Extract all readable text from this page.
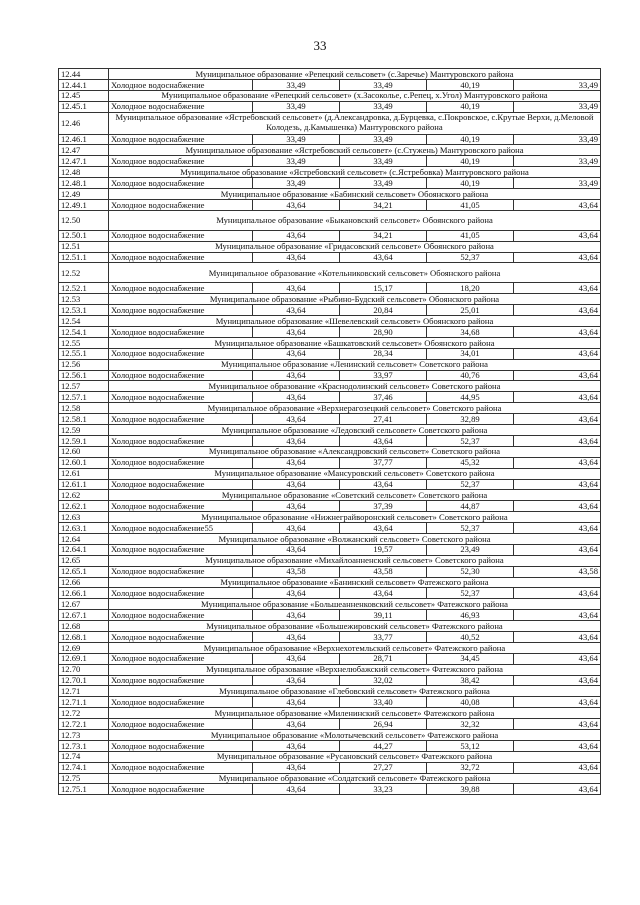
33
12.44	Муниципальное образование «Репецкий сельсовет» (с.Заречье) Мантуровского района				
12.44.1	Холодное водоснабжение	33,49	33,49	40,19	33,49
12.45	Муниципальное образование «Репецкий сельсовет» (х.Засоколье, с.Репец, х.Угол) Мантуровского района				
12.45.1	Холодное водоснабжение	33,49	33,49	40,19	33,49
12.46	Муниципальное образование «Ястребовский сельсовет» (д.Александровка, д.Бурцевка, с.Покровское, с.Крутые Верхи, д.Меловой Колодезь, д.Камышенка) Мантуровского района				
12.46.1	Холодное водоснабжение	33,49	33,49	40,19	33,49
12.47	Муниципальное образование «Ястребовский сельсовет» (с.Стужень) Мантуровского района				
12.47.1	Холодное водоснабжение	33,49	33,49	40,19	33,49
12.48	Муниципальное образование «Ястребовский сельсовет» (с.Ястребовка) Мантуровского района				
12.48.1	Холодное водоснабжение	33,49	33,49	40,19	33,49
12.49	Муниципальное образование «Бабинский сельсовет» Обоянского района				
12.49.1	Холодное водоснабжение	43,64	34,21	41,05	43,64
12.50	Муниципальное образование «Быкановский сельсовет» Обоянского района				
12.50.1	Холодное водоснабжение	43,64	34,21	41,05	43,64
12.51	Муниципальное образование «Гридасовский сельсовет» Обоянского района				
12.51.1	Холодное водоснабжение	43,64	43,64	52,37	43,64
12.52	Муниципальное образование «Котельниковский сельсовет» Обоянского района				
12.52.1	Холодное водоснабжение	43,64	15,17	18,20	43,64
12.53	Муниципальное образование «Рыбино-Будский сельсовет» Обоянского района				
12.53.1	Холодное водоснабжение	43,64	20,84	25,01	43,64
12.54	Муниципальное образование «Шевелевский сельсовет» Обоянского района				
12.54.1	Холодное водоснабжение	43,64	28,90	34,68	43,64
12.55	Муниципальное образование «Башкатовский сельсовет» Обоянского района				
12.55.1	Холодное водоснабжение	43,64	28,34	34,01	43,64
12.56	Муниципальное образование «Ленинский сельсовет» Советского района				
12.56.1	Холодное водоснабжение	43,64	33,97	40,76	43,64
12.57	Муниципальное образование «Краснодолинский сельсовет» Советского района				
12.57.1	Холодное водоснабжение	43,64	37,46	44,95	43,64
12.58	Муниципальное образование «Верхнерагозецкий сельсовет» Советского района				
12.58.1	Холодное водоснабжение	43,64	27,41	32,89	43,64
12.59	Муниципальное образование «Ледовский сельсовет» Советского района				
12.59.1	Холодное водоснабжение	43,64	43,64	52,37	43,64
12.60	Муниципальное образование «Александровский сельсовет» Советского района				
12.60.1	Холодное водоснабжение	43,64	37,77	45,32	43,64
12.61	Муниципальное образование «Мансуровский сельсовет» Советского района				
12.61.1	Холодное водоснабжение	43,64	43,64	52,37	43,64
12.62	Муниципальное образование «Советский сельсовет» Советского района				
12.62.1	Холодное водоснабжение	43,64	37,39	44,87	43,64
12.63	Муниципальное образование «Нижнеграйворонский сельсовет» Советского района				
12.63.1	Холодное водоснабжение55	43,64	43,64	52,37	43,64
12.64	Муниципальное образование «Волжанский сельсовет» Советского района				
12.64.1	Холодное водоснабжение	43,64	19,57	23,49	43,64
12.65	Муниципальное образование «Михайлоанненский сельсовет» Советского района				
12.65.1	Холодное водоснабжение	43,58	43,58	52,30	43,58
12.66	Муниципальное образование «Банинский сельсовет» Фатежского района				
12.66.1	Холодное водоснабжение	43,64	43,64	52,37	43,64
12.67	Муниципальное образование «Большеанненковский сельсовет» Фатежского района				
12.67.1	Холодное водоснабжение	43,64	39,11	46,93	43,64
12.68	Муниципальное образование «Большежировский сельсовет» Фатежского района				
12.68.1	Холодное водоснабжение	43,64	33,77	40,52	43,64
12.69	Муниципальное образование «Верхнехотемльский сельсовет» Фатежского района				
12.69.1	Холодное водоснабжение	43,64	28,71	34,45	43,64
12.70	Муниципальное образование «Верхнелюбажский сельсовет» Фатежского района				
12.70.1	Холодное водоснабжение	43,64	32,02	38,42	43,64
12.71	Муниципальное образование «Глебовский сельсовет» Фатежского района				
12.71.1	Холодное водоснабжение	43,64	33,40	40,08	43,64
12.72	Муниципальное образование «Миленинский сельсовет» Фатежского района				
12.72.1	Холодное водоснабжение	43,64	26,94	32,32	43,64
12.73	Муниципальное образование «Молотычевский сельсовет» Фатежского района				
12.73.1	Холодное водоснабжение	43,64	44,27	53,12	43,64
12.74	Муниципальное образование «Русановский сельсовет» Фатежского района				
12.74.1	Холодное водоснабжение	43,64	27,27	32,72	43,64
12.75	Муниципальное образование «Солдатский сельсовет» Фатежского района				
12.75.1	Холодное водоснабжение	43,64	33,23	39,88	43,64
